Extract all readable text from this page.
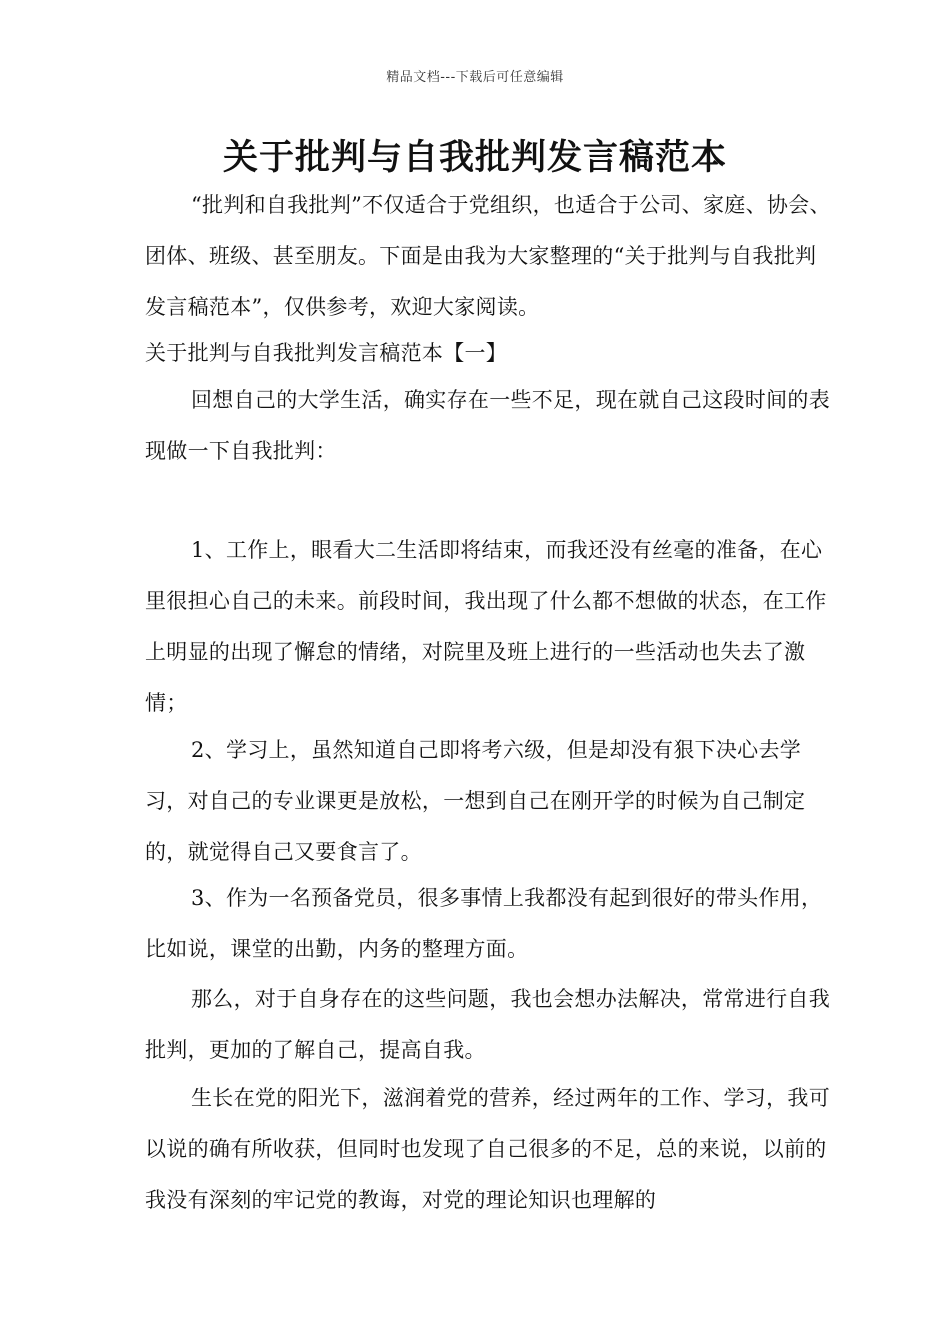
精品文档---下载后可任意编辑
关于批判与自我批判发言稿范本

“批判和自我批判”不仅适合于党组织，也适合于公司、家庭、协会、团体、班级、甚至朋友。下面是由我为大家整理的“关于批判与自我批判发言稿范本”，仅供参考，欢迎大家阅读。

关于批判与自我批判发言稿范本【一】

回想自己的大学生活，确实存在一些不足，现在就自己这段时间的表现做一下自我批判：

1、工作上，眼看大二生活即将结束，而我还没有丝毫的准备，在心里很担心自己的未来。前段时间，我出现了什么都不想做的状态，在工作上明显的出现了懈怠的情绪，对院里及班上进行的一些活动也失去了激情；

2、学习上，虽然知道自己即将考六级，但是却没有狠下决心去学习，对自己的专业课更是放松，一想到自己在刚开学的时候为自己制定的，就觉得自己又要食言了。

3、作为一名预备党员，很多事情上我都没有起到很好的带头作用，比如说，课堂的出勤，内务的整理方面。

那么，对于自身存在的这些问题，我也会想办法解决，常常进行自我批判，更加的了解自己，提高自我。

生长在党的阳光下，滋润着党的营养，经过两年的工作、学习，我可以说的确有所收获，但同时也发现了自己很多的不足，总的来说，以前的我没有深刻的牢记党的教诲，对党的理论知识也理解的
